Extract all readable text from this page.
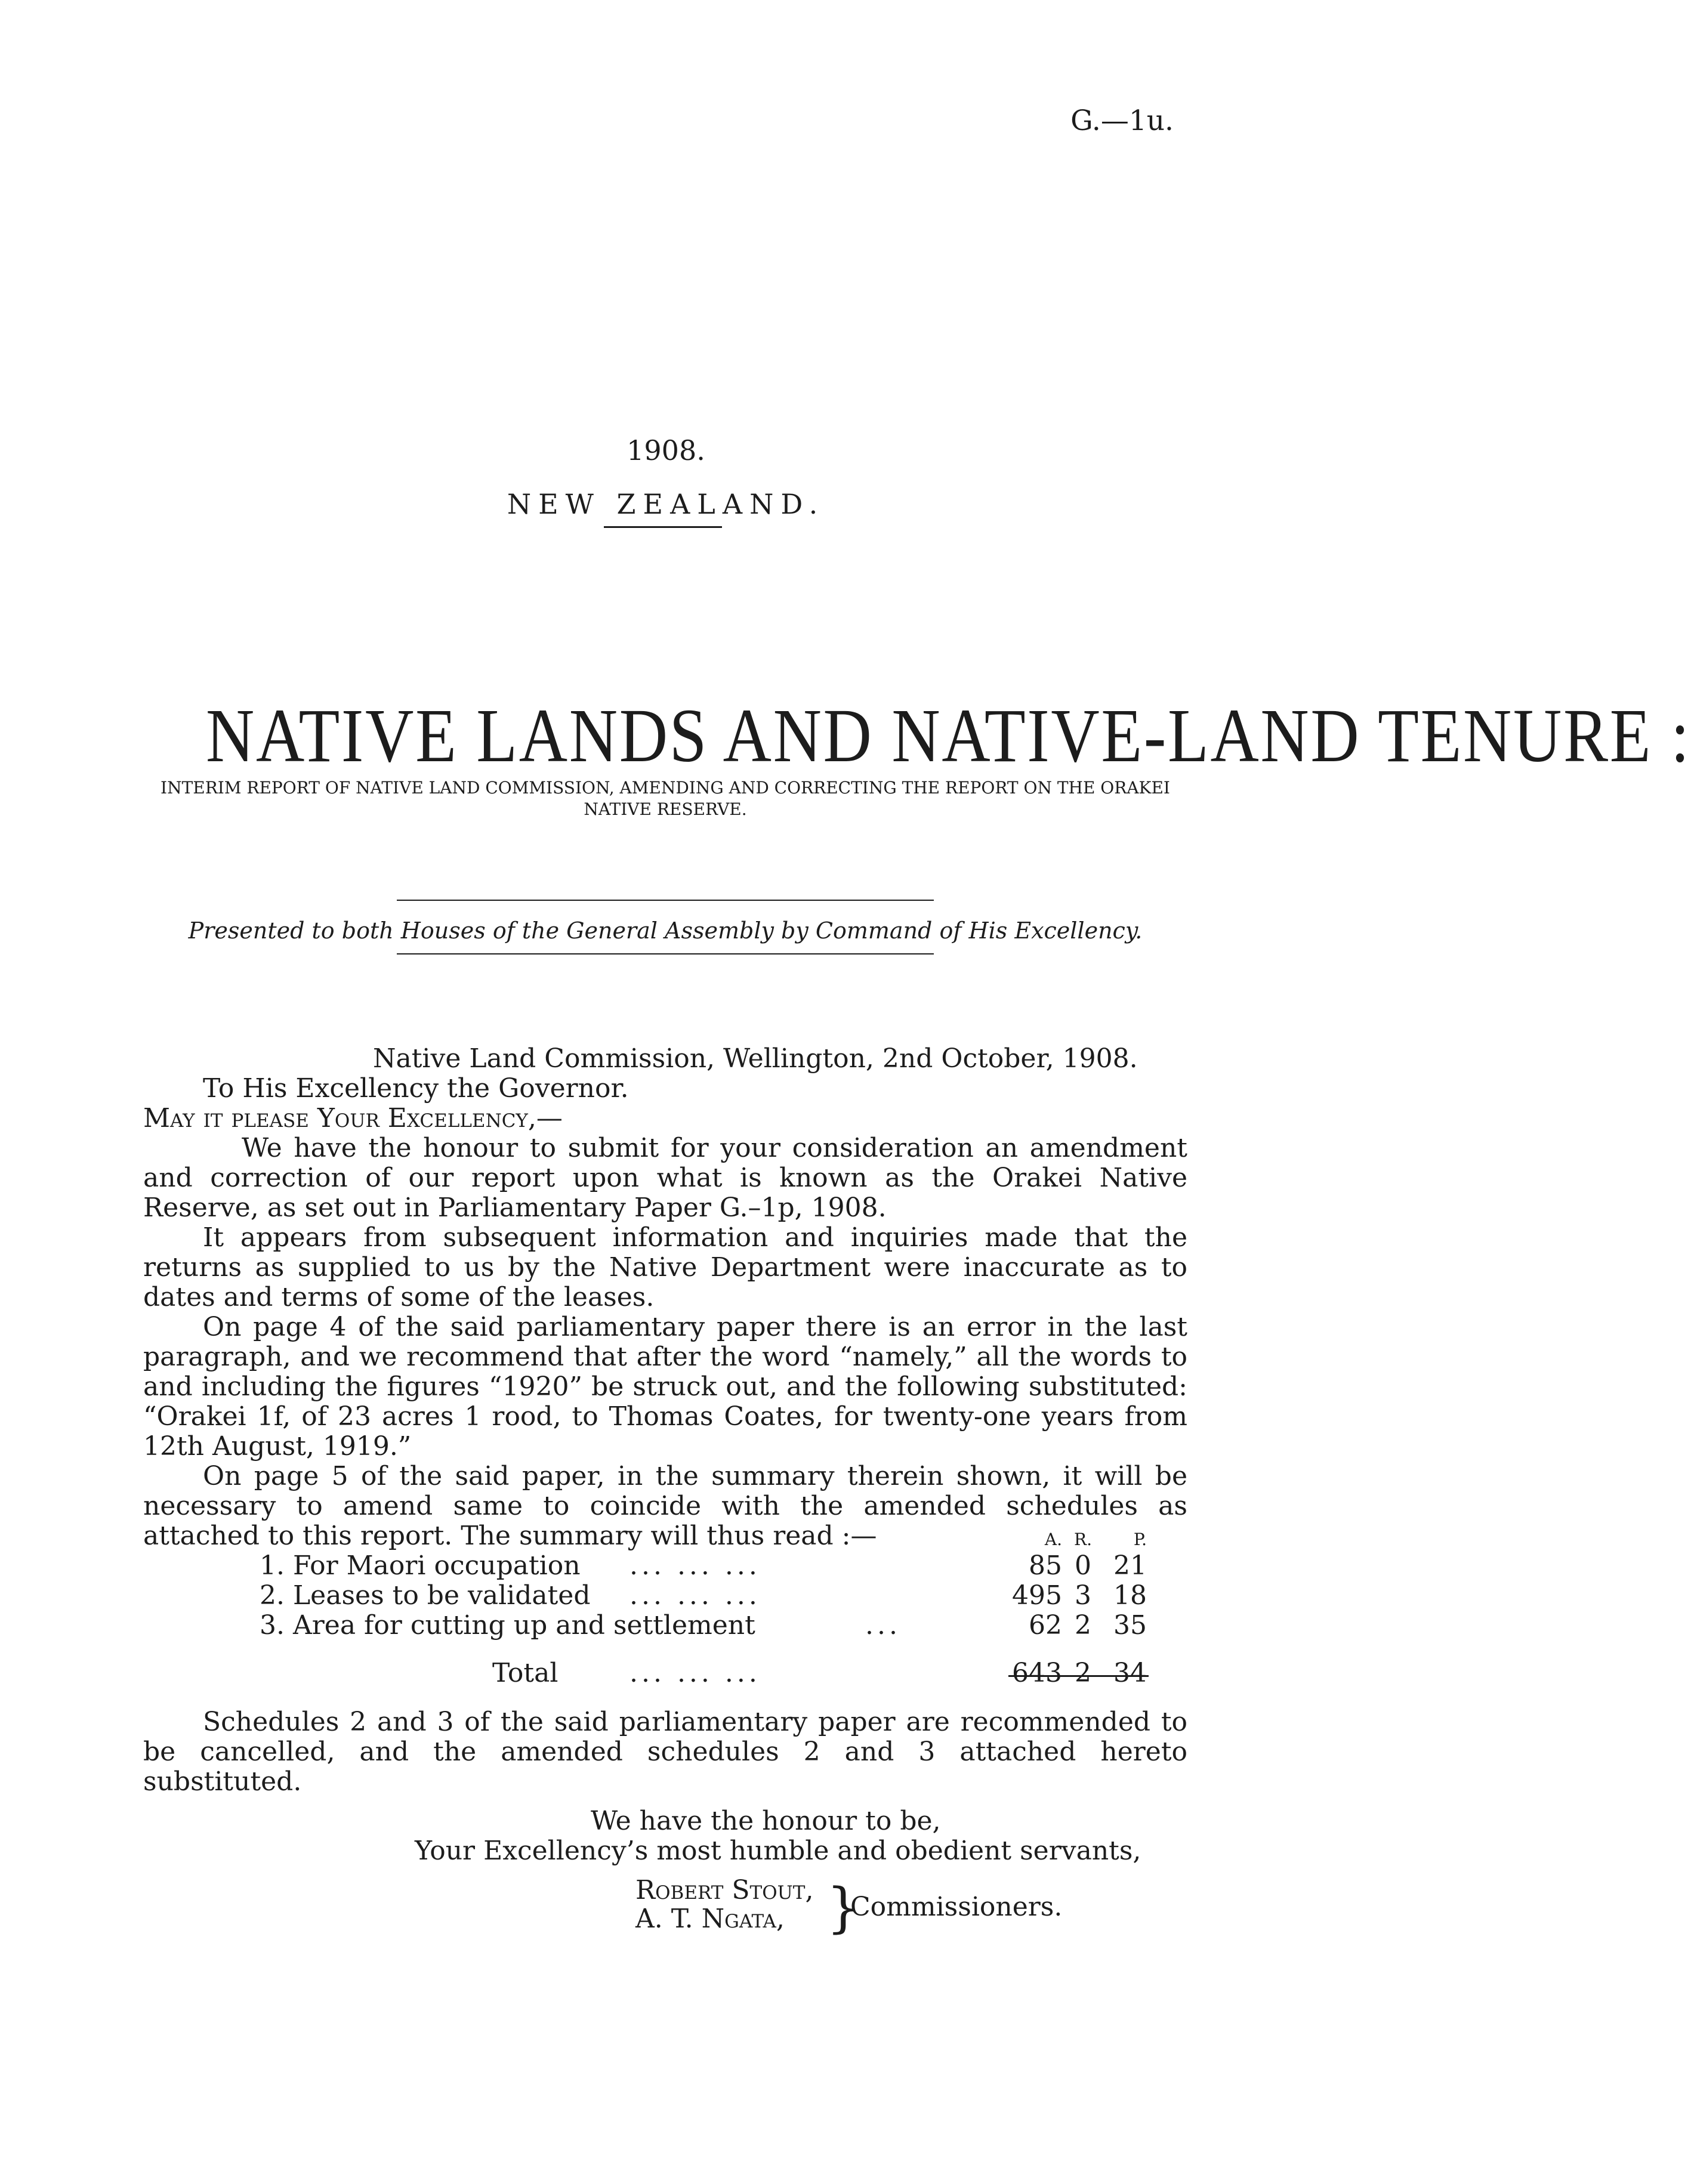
G.—1u.
1908.
NEW ZEALAND.
NATIVE LANDS AND NATIVE-LAND TENURE :
INTERIM REPORT OF NATIVE LAND COMMISSION, AMENDING AND CORRECTING THE REPORT ON THE ORAKEI NATIVE RESERVE.
Presented to both Houses of the General Assembly by Command of His Excellency.
Native Land Commission, Wellington, 2nd October, 1908.
To His Excellency the Governor.
May it please Your Excellency,—

We have the honour to submit for your consideration an amendment and correction of our report upon what is known as the Orakei Native Reserve, as set out in Parliamentary Paper G.–1p, 1908.

It appears from subsequent information and inquiries made that the returns as supplied to us by the Native Department were inaccurate as to dates and terms of some of the leases.

On page 4 of the said parliamentary paper there is an error in the last paragraph, and we recommend that after the word “namely,” all the words to and including the figures “1920” be struck out, and the following substituted: “Orakei 1f, of 23 acres 1 rood, to Thomas Coates, for twenty-one years from 12th August, 1919.”

On page 5 of the said paper, in the summary therein shown, it will be necessary to amend same to coincide with the amended schedules as attached to this report. The summary will thus read :—	A. R.	P.
1. For Maori occupation ... ... ...	85 0 21
2. Leases to be validated ... ... ...	495 3 18
3. Area for cutting up and settlement	...	62 2 35
Total	... ... ...	643 2 34

Schedules 2 and 3 of the said parliamentary paper are recommended to be cancelled, and the amended schedules 2 and 3 attached hereto substituted.

We have the honour to be,
Your Excellency’s most humble and obedient servants,
Robert Stout,
A. T. Ngata, }
Commissioners.
